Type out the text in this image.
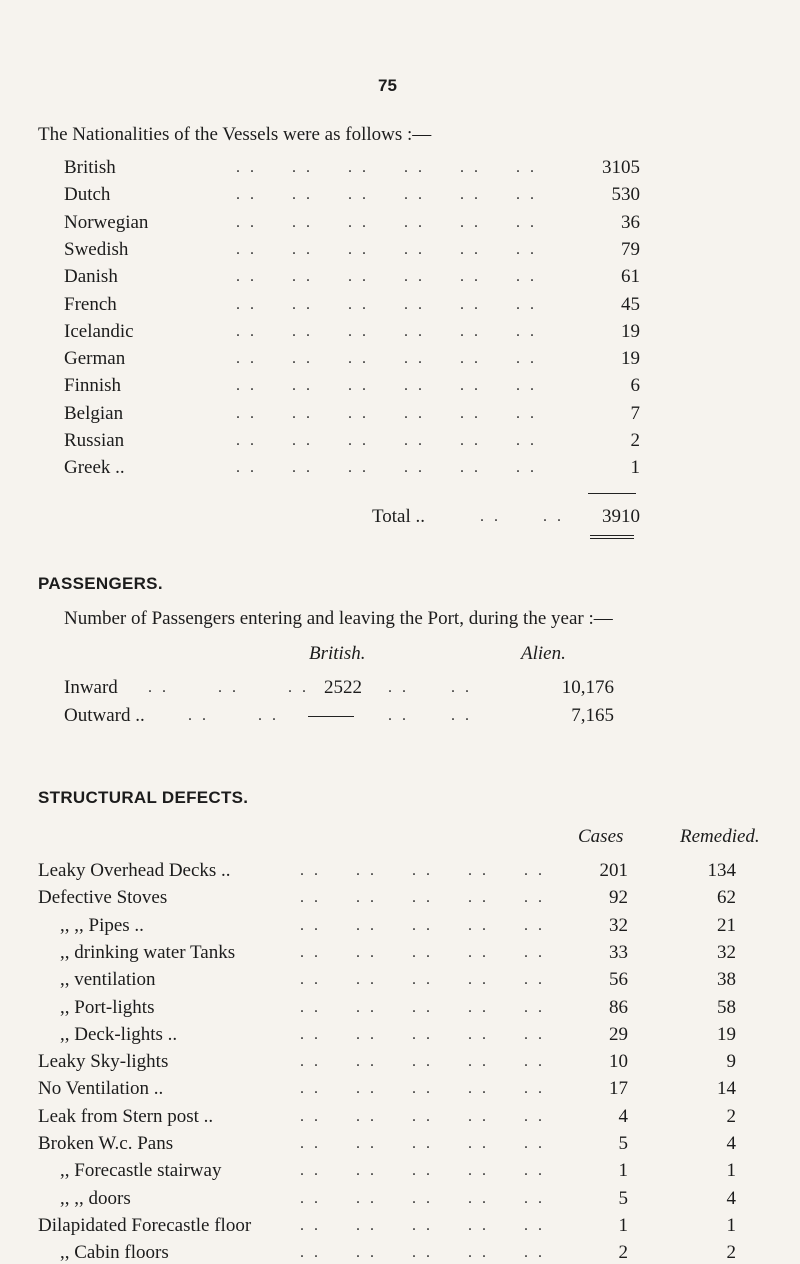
75
The Nationalities of the Vessels were as follows :—
British	. .     . .     . .     . .     . .     . .	3105
Dutch	. .     . .     . .     . .     . .     . .	530
Norwegian	. .     . .     . .     . .     . .     . .	36
Swedish	. .     . .     . .     . .     . .     . .	79
Danish	. .     . .     . .     . .     . .     . .	61
French	. .     . .     . .     . .     . .     . .	45
Icelandic	. .     . .     . .     . .     . .     . .	19
German	. .     . .     . .     . .     . .     . .	19
Finnish	. .     . .     . .     . .     . .     . .	6
Belgian	. .     . .     . .     . .     . .     . .	7
Russian	. .     . .     . .     . .     . .     . .	2
Greek ..	. .     . .     . .     . .     . .     . .	1
Total ..	. .      . .	3910
PASSENGERS.
Number of Passengers entering and leaving the Port, during the year :—
British.	Alien.
Inward . .       . .       . . 2522 . .      . .	10,176
Outward ..	. .       . .	. .      . .	7,165
STRUCTURAL DEFECTS.
Cases	Remedied.
Leaky Overhead Decks ..	. .     . .     . .     . .     . .	201	134
Defective Stoves	. .     . .     . .     . .     . .	92	62
,, ,, Pipes ..	. .     . .     . .     . .     . .	32	21
,, drinking water Tanks	. .     . .     . .     . .     . .	33	32
,, ventilation	. .     . .     . .     . .     . .	56	38
,, Port-lights	. .     . .     . .     . .     . .	86	58
,, Deck-lights ..	. .     . .     . .     . .     . .	29	19
Leaky Sky-lights	. .     . .     . .     . .     . .	10	9
No Ventilation ..	. .     . .     . .     . .     . .	17	14
Leak from Stern post ..	. .     . .     . .     . .     . .	4	2
Broken W.c. Pans	. .     . .     . .     . .     . .	5	4
,, Forecastle stairway	. .     . .     . .     . .     . .	1	1
,, ,, doors	. .     . .     . .     . .     . .	5	4
Dilapidated Forecastle floor	. .     . .     . .     . .     . .	1	1
,, Cabin floors	. .     . .     . .     . .     . .	2	2
